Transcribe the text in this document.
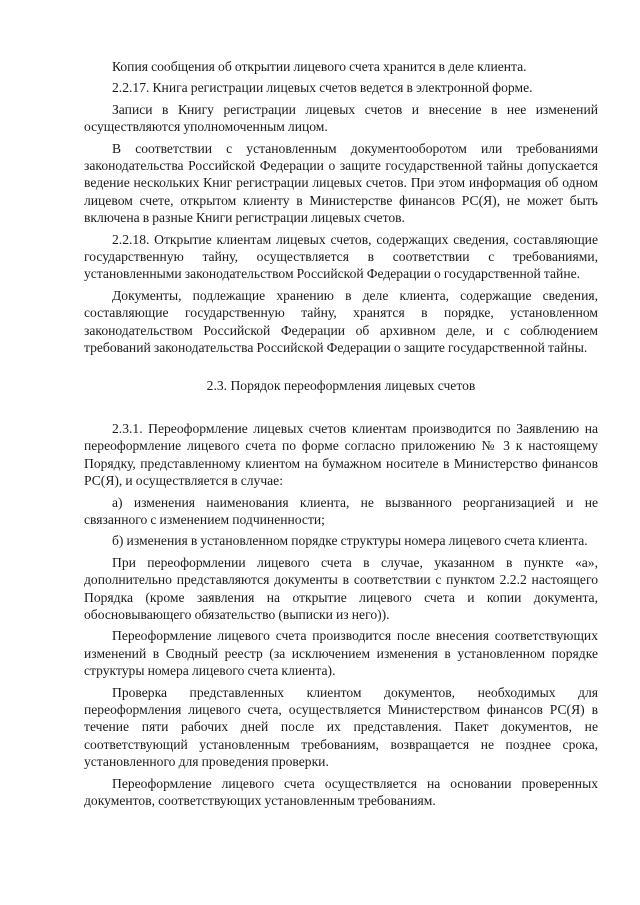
Копия сообщения об открытии лицевого счета хранится в деле клиента.

2.2.17. Книга регистрации лицевых счетов ведется в электронной форме.

Записи в Книгу регистрации лицевых счетов и внесение в нее изменений осуществляются уполномоченным лицом.

В соответствии с установленным документооборотом или требованиями законодательства Российской Федерации о защите государственной тайны допускается ведение нескольких Книг регистрации лицевых счетов. При этом информация об одном лицевом счете, открытом клиенту в Министерстве финансов РС(Я), не может быть включена в разные Книги регистрации лицевых счетов.

2.2.18. Открытие клиентам лицевых счетов, содержащих сведения, составляющие государственную тайну, осуществляется в соответствии с требованиями, установленными законодательством Российской Федерации о государственной тайне.

Документы, подлежащие хранению в деле клиента, содержащие сведения, составляющие государственную тайну, хранятся в порядке, установленном законодательством Российской Федерации об архивном деле, и с соблюдением требований законодательства Российской Федерации о защите государственной тайны.

2.3. Порядок переоформления лицевых счетов

2.3.1. Переоформление лицевых счетов клиентам производится по Заявлению на переоформление лицевого счета по форме согласно приложению № 3 к настоящему Порядку, представленному клиентом на бумажном носителе в Министерство финансов РС(Я), и осуществляется в случае:

а) изменения наименования клиента, не вызванного реорганизацией и не связанного с изменением подчиненности;

б) изменения в установленном порядке структуры номера лицевого счета клиента.

При переоформлении лицевого счета в случае, указанном в пункте «а», дополнительно представляются документы в соответствии с пунктом 2.2.2 настоящего Порядка (кроме заявления на открытие лицевого счета и копии документа, обосновывающего обязательство (выписки из него)).

Переоформление лицевого счета производится после внесения соответствующих изменений в Сводный реестр (за исключением изменения в установленном порядке структуры номера лицевого счета клиента).

Проверка представленных клиентом документов, необходимых для переоформления лицевого счета, осуществляется Министерством финансов РС(Я) в течение пяти рабочих дней после их представления. Пакет документов, не соответствующий установленным требованиям, возвращается не позднее срока, установленного для проведения проверки.

Переоформление лицевого счета осуществляется на основании проверенных документов, соответствующих установленным требованиям.
